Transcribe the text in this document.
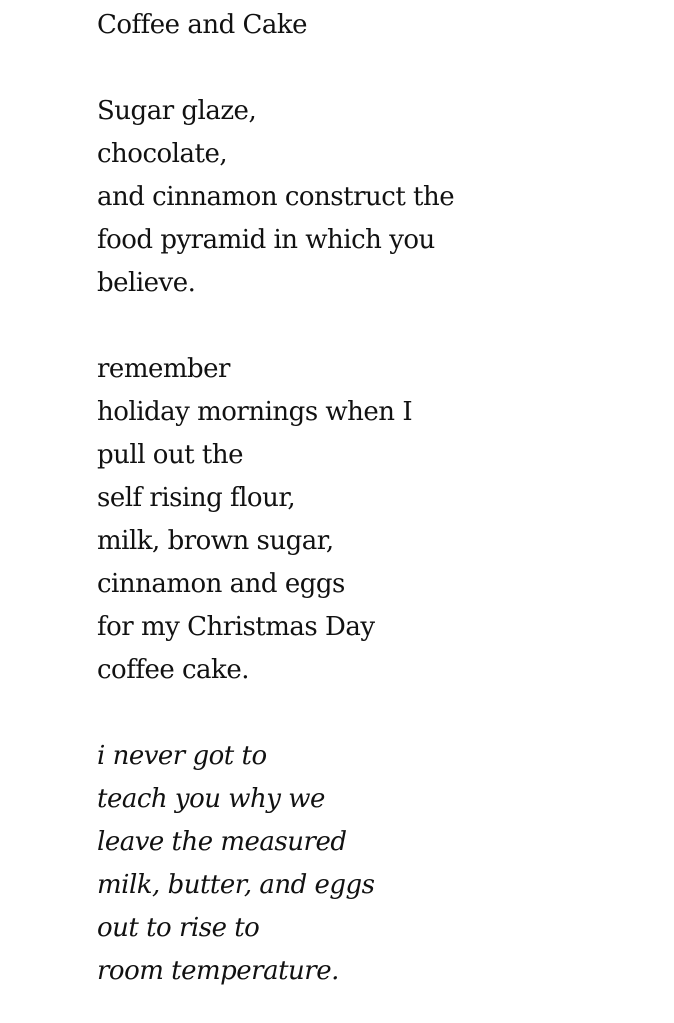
Coffee and Cake
Sugar glaze,
chocolate,
and cinnamon construct the
food pyramid in which you
believe.
remember
holiday mornings when I
pull out the
self rising flour,
milk, brown sugar,
cinnamon and eggs
for my Christmas Day
coffee cake.
i never got to
teach you why we
leave the measured
milk, butter, and eggs
out to rise to
room temperature.
